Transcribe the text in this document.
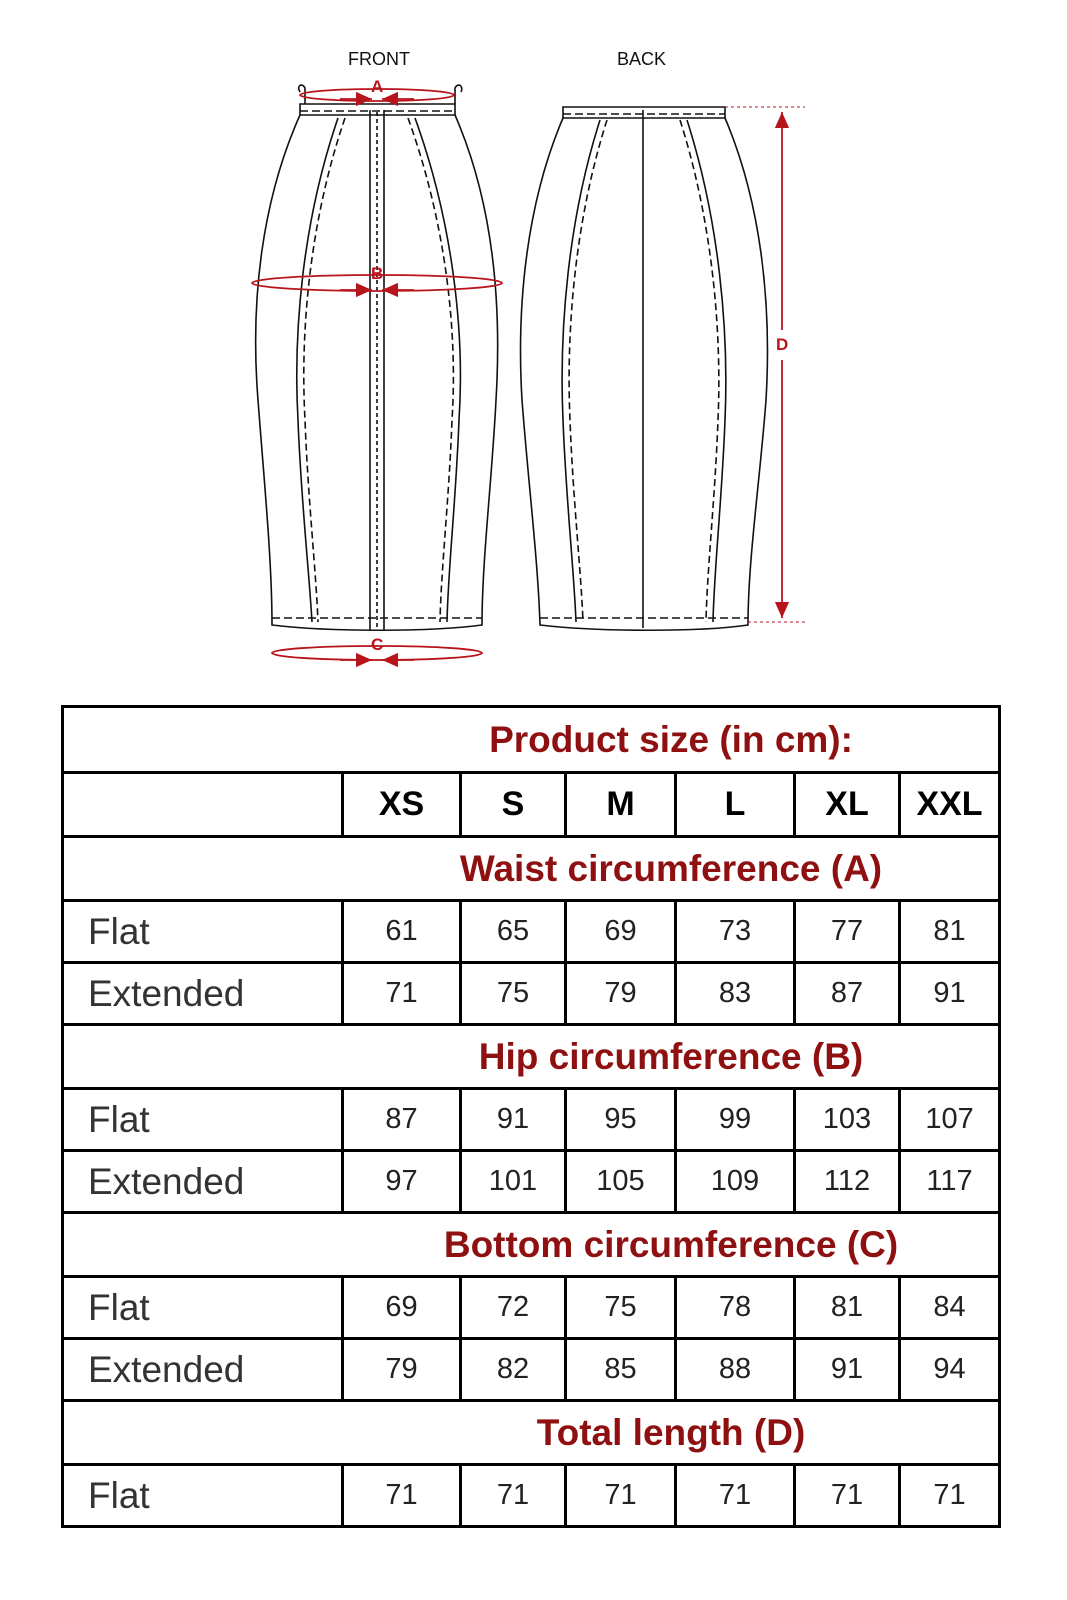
FRONT	BACK
A
B
C
D
Product size (in cm):						
	XS	S	M	L	XL	XXL
Waist circumference (A)						
Flat	61	65	69	73	77	81
Extended	71	75	79	83	87	91
Hip circumference (B)						
Flat	87	91	95	99	103	107
Extended	97	101	105	109	112	117
Bottom circumference (C)						
Flat	69	72	75	78	81	84
Extended	79	82	85	88	91	94
Total length (D)						
Flat	71	71	71	71	71	71
